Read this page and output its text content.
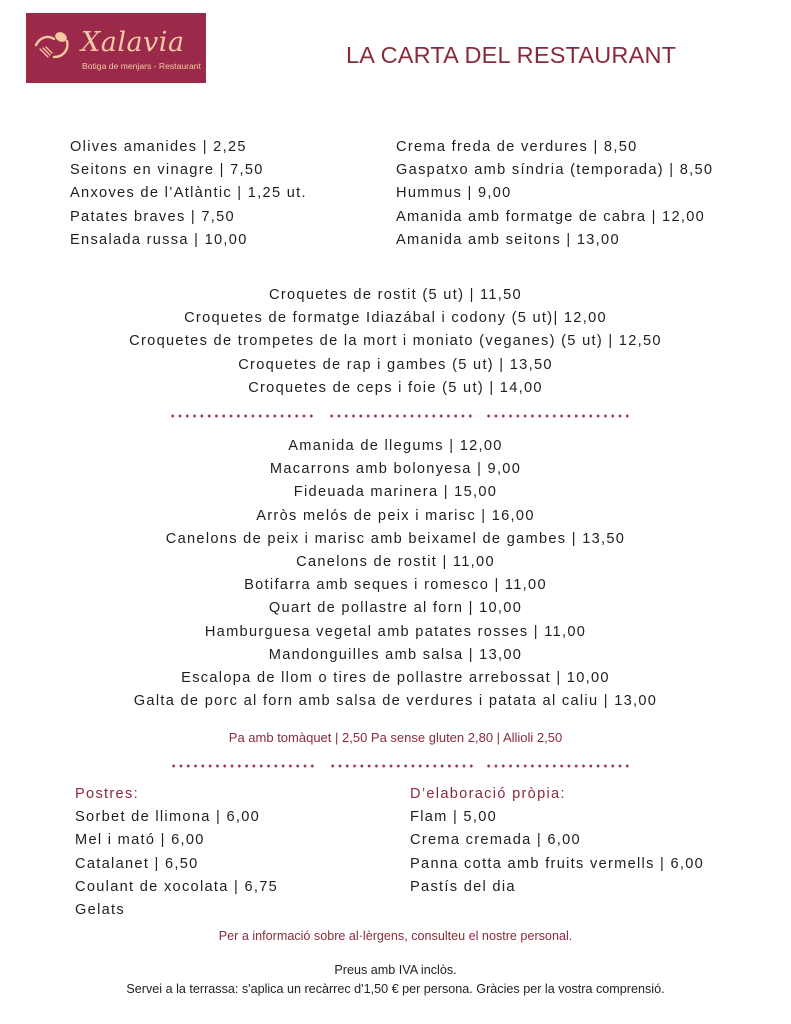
Xalavia
Botiga de menjars - Restaurant	LA CARTA DEL RESTAURANT
Olives amanides | 2,25
Seitons en vinagre | 7,50
Anxoves de l’Atlàntic | 1,25 ut.
Patates braves | 7,50
Ensalada russa | 10,00
Crema freda de verdures | 8,50
Gaspatxo amb síndria (temporada) | 8,50
Hummus | 9,00
Amanida amb formatge de cabra | 12,00
Amanida amb seitons | 13,00
Croquetes de rostit (5 ut) | 11,50
Croquetes de formatge Idiazábal i codony (5 ut)| 12,00
Croquetes de trompetes de la mort i moniato (veganes) (5 ut) | 12,50
Croquetes de rap i gambes (5 ut) | 13,50
Croquetes de ceps i foie (5 ut) | 14,00
Amanida de llegums | 12,00
Macarrons amb bolonyesa | 9,00
Fideuada marinera | 15,00
Arròs melós de peix i marisc | 16,00
Canelons de peix i marisc amb beixamel de gambes | 13,50
Canelons de rostit | 11,00
Botifarra amb seques i romesco | 11,00
Quart de pollastre al forn | 10,00
Hamburguesa vegetal amb patates rosses | 11,00
Mandonguilles amb salsa | 13,00
Escalopa de llom o tires de pollastre arrebossat | 10,00
Galta de porc al forn amb salsa de verdures i patata al caliu | 13,00
Pa amb tomàquet | 2,50 Pa sense gluten 2,80 | Allioli 2,50
Postres:
Sorbet de llimona | 6,00
Mel i mató | 6,00
Catalanet | 6,50
Coulant de xocolata | 6,75
Gelats
D’elaboració pròpia:
Flam | 5,00
Crema cremada | 6,00
Panna cotta amb fruits vermells | 6,00
Pastís del dia
Per a informació sobre al·lèrgens, consulteu el nostre personal.
Preus amb IVA inclòs.
Servei a la terrassa: s'aplica un recàrrec d'1,50 € per persona. Gràcies per la vostra comprensió.
